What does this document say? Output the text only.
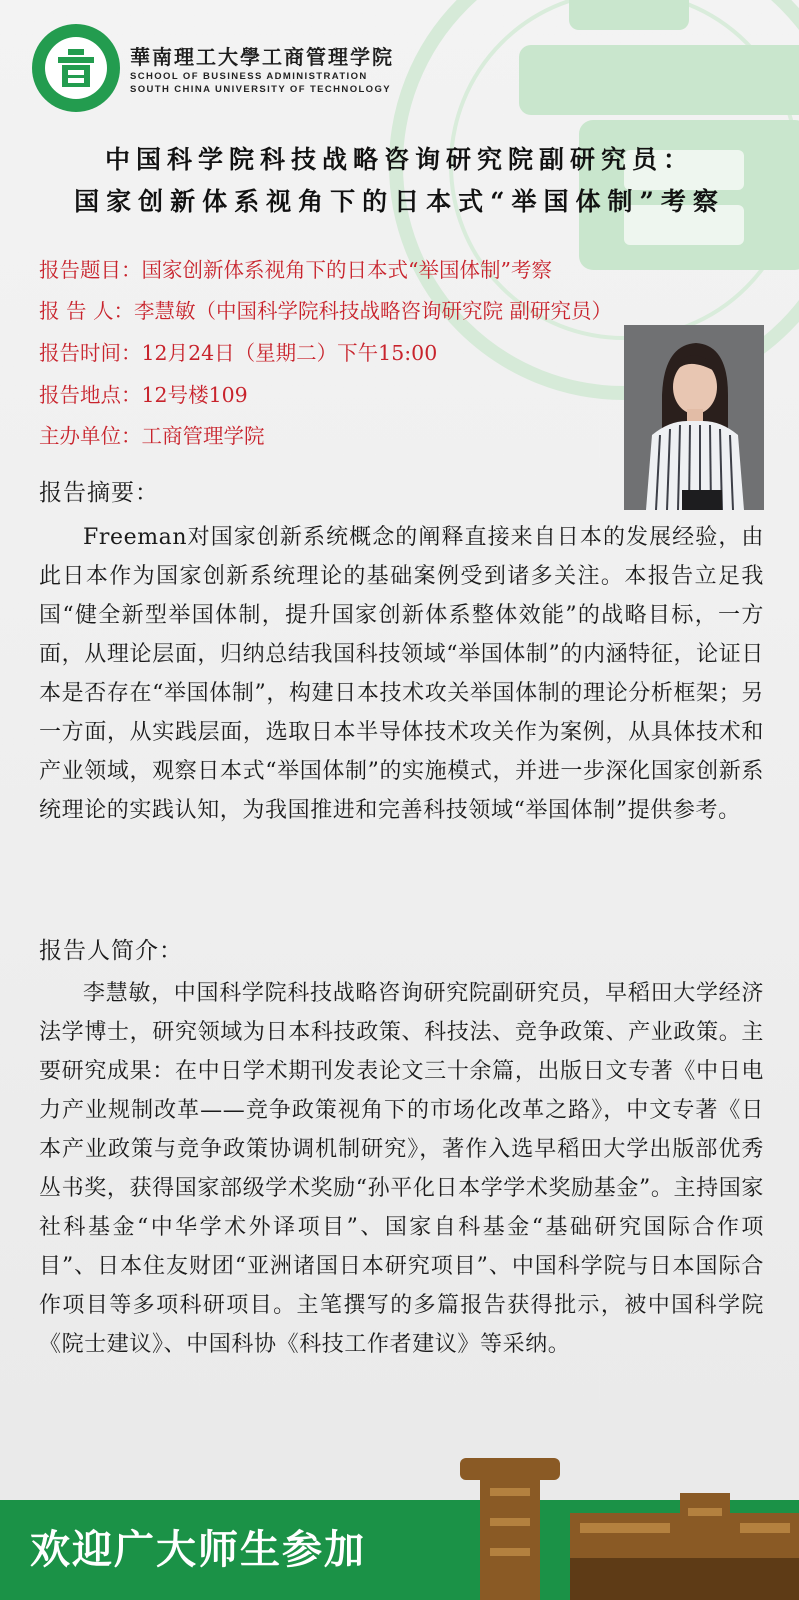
華南理工大學工商管理学院
SCHOOL OF BUSINESS ADMINISTRATION
SOUTH CHINA UNIVERSITY OF TECHNOLOGY
中国科学院科技战略咨询研究院副研究员：
国家创新体系视角下的日本式“举国体制”考察
报告题目：国家创新体系视角下的日本式“举国体制”考察
报 告 人：李慧敏（中国科学院科技战略咨询研究院 副研究员）
报告时间：12月24日（星期二）下午15:00
报告地点：12号楼109
主办单位：工商管理学院
报告摘要：

Freeman对国家创新系统概念的阐释直接来自日本的发展经验，由此日本作为国家创新系统理论的基础案例受到诸多关注。本报告立足我国“健全新型举国体制，提升国家创新体系整体效能”的战略目标，一方面，从理论层面，归纳总结我国科技领域“举国体制”的内涵特征，论证日本是否存在“举国体制”，构建日本技术攻关举国体制的理论分析框架；另一方面，从实践层面，选取日本半导体技术攻关作为案例，从具体技术和产业领域，观察日本式“举国体制”的实施模式，并进一步深化国家创新系统理论的实践认知，为我国推进和完善科技领域“举国体制”提供参考。

报告人简介：

李慧敏，中国科学院科技战略咨询研究院副研究员，早稻田大学经济法学博士，研究领域为日本科技政策、科技法、竞争政策、产业政策。主要研究成果：在中日学术期刊发表论文三十余篇，出版日文专著《中日电力产业规制改革——竞争政策视角下的市场化改革之路》，中文专著《日本产业政策与竞争政策协调机制研究》，著作入选早稻田大学出版部优秀丛书奖，获得国家部级学术奖励“孙平化日本学学术奖励基金”。主持国家社科基金“中华学术外译项目”、国家自科基金“基础研究国际合作项目”、日本住友财团“亚洲诸国日本研究项目”、中国科学院与日本国际合作项目等多项科研项目。主笔撰写的多篇报告获得批示，被中国科学院《院士建议》、中国科协《科技工作者建议》等采纳。

欢迎广大师生参加
